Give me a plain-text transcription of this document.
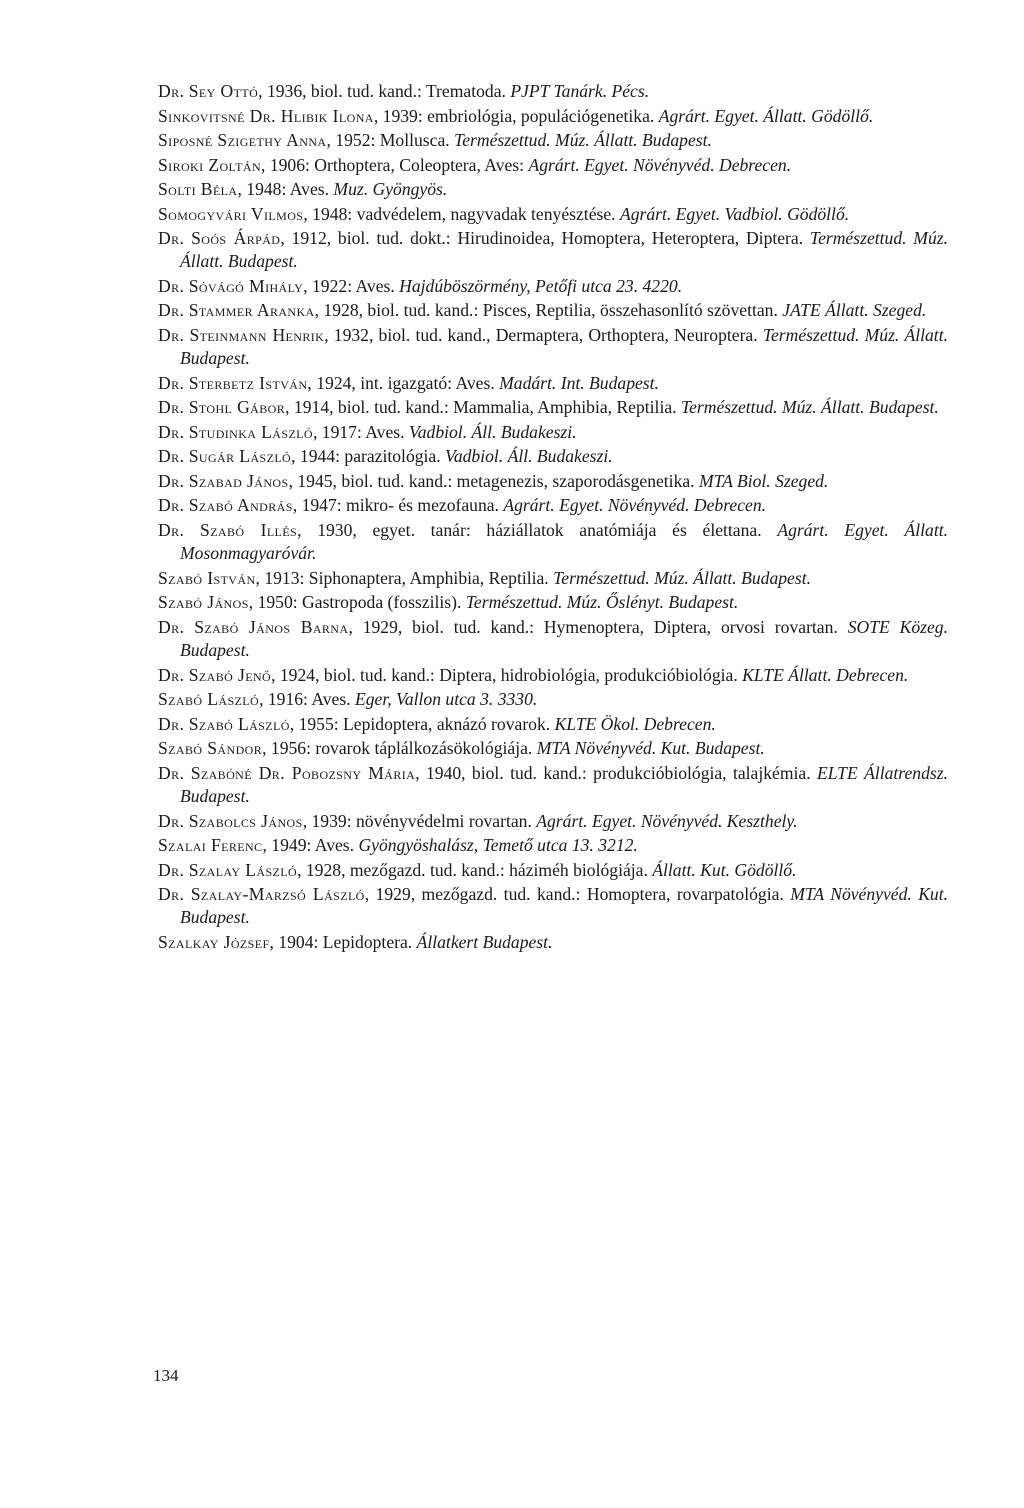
Dr. Sey Ottó, 1936, biol. tud. kand.: Trematoda. PJPT Tanárk. Pécs.

Sinkovitsné Dr. Hlibik Ilona, 1939: embriológia, populációgenetika. Agrárt. Egyet. Állatt. Gödöllő.

Siposné Szigethy Anna, 1952: Mollusca. Természettud. Múz. Állatt. Budapest.

Siroki Zoltán, 1906: Orthoptera, Coleoptera, Aves: Agrárt. Egyet. Növényvéd. Debrecen.

Solti Béla, 1948: Aves. Muz. Gyöngyös.

Somogyvári Vilmos, 1948: vadvédelem, nagyvadak tenyésztése. Agrárt. Egyet. Vadbiol. Gödöllő.

Dr. Soós Árpád, 1912, biol. tud. dokt.: Hirudinoidea, Homoptera, Heteroptera, Diptera. Természettud. Múz. Állatt. Budapest.

Dr. Sóvágó Mihály, 1922: Aves. Hajdúböszörmény, Petőfi utca 23. 4220.

Dr. Stammer Aranka, 1928, biol. tud. kand.: Pisces, Reptilia, összehasonlító szövettan. JATE Állatt. Szeged.

Dr. Steinmann Henrik, 1932, biol. tud. kand., Dermaptera, Orthoptera, Neuroptera. Természettud. Múz. Állatt. Budapest.

Dr. Sterbetz István, 1924, int. igazgató: Aves. Madárt. Int. Budapest.

Dr. Stohl Gábor, 1914, biol. tud. kand.: Mammalia, Amphibia, Reptilia. Természettud. Múz. Állatt. Budapest.

Dr. Studinka László, 1917: Aves. Vadbiol. Áll. Budakeszi.

Dr. Sugár László, 1944: parazitológia. Vadbiol. Áll. Budakeszi.

Dr. Szabad János, 1945, biol. tud. kand.: metagenezis, szaporodásgenetika. MTA Biol. Szeged.

Dr. Szabó András, 1947: mikro- és mezofauna. Agrárt. Egyet. Növényvéd. Debrecen.

Dr. Szabó Illés, 1930, egyet. tanár: háziállatok anatómiája és élettana. Agrárt. Egyet. Állatt. Mosonmagyaróvár.

Szabó István, 1913: Siphonaptera, Amphibia, Reptilia. Természettud. Múz. Állatt. Budapest.

Szabó János, 1950: Gastropoda (fosszilis). Természettud. Múz. Őslényt. Budapest.

Dr. Szabó János Barna, 1929, biol. tud. kand.: Hymenoptera, Diptera, orvosi rovartan. SOTE Közeg. Budapest.

Dr. Szabó Jenő, 1924, biol. tud. kand.: Diptera, hidrobiológia, produkcióbiológia. KLTE Állatt. Debrecen.

Szabó László, 1916: Aves. Eger, Vallon utca 3. 3330.

Dr. Szabó László, 1955: Lepidoptera, aknázó rovarok. KLTE Ökol. Debrecen.

Szabó Sándor, 1956: rovarok táplálkozásökológiája. MTA Növényvéd. Kut. Budapest.

Dr. Szabóné Dr. Pobozsny Mária, 1940, biol. tud. kand.: produkcióbiológia, talajkémia. ELTE Állatrendsz. Budapest.

Dr. Szabolcs János, 1939: növényvédelmi rovartan. Agrárt. Egyet. Növényvéd. Keszthely.

Szalai Ferenc, 1949: Aves. Gyöngyöshalász, Temető utca 13. 3212.

Dr. Szalay László, 1928, mezőgazd. tud. kand.: háziméh biológiája. Állatt. Kut. Gödöllő.

Dr. Szalay-Marzsó László, 1929, mezőgazd. tud. kand.: Homoptera, rovarpatológia. MTA Növényvéd. Kut. Budapest.

Szalkay József, 1904: Lepidoptera. Állatkert Budapest.

134
